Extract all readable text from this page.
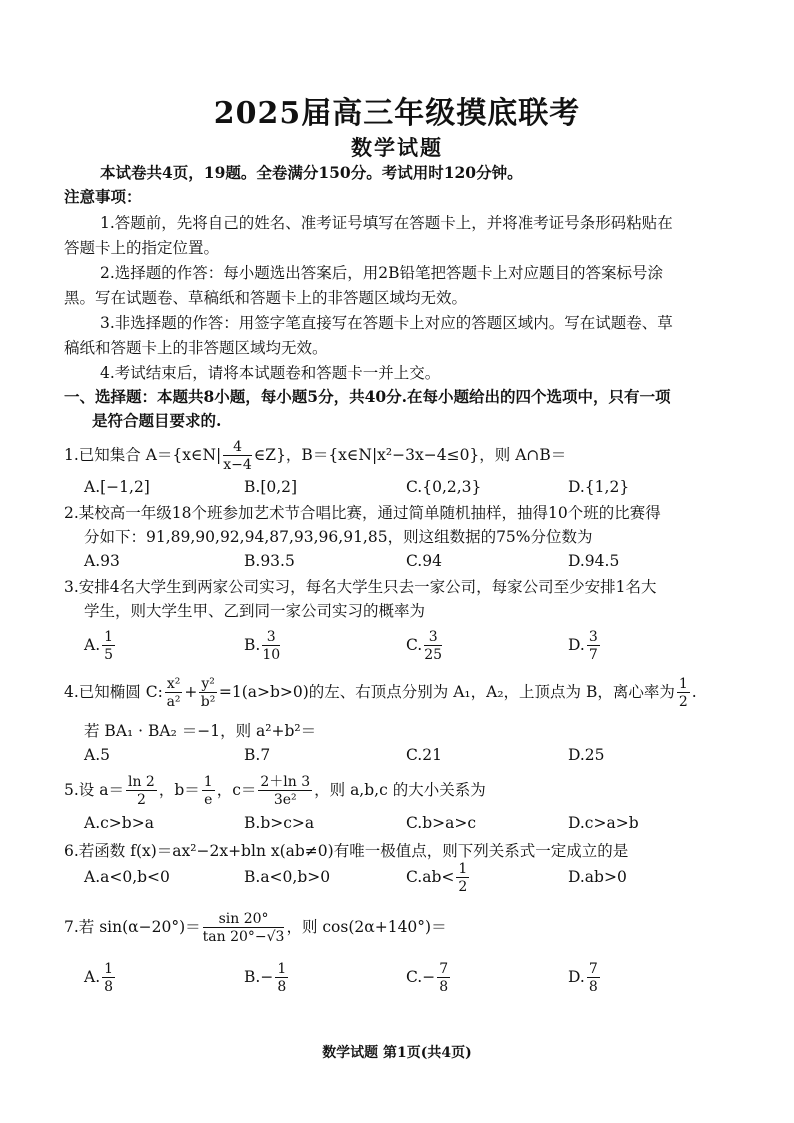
2025届高三年级摸底联考
数学试题
本试卷共4页，19题。全卷满分150分。考试用时120分钟。
注意事项：
1.答题前，先将自己的姓名、准考证号填写在答题卡上，并将准考证号条形码粘贴在
答题卡上的指定位置。
2.选择题的作答：每小题选出答案后，用2B铅笔把答题卡上对应题目的答案标号涂
黑。写在试题卷、草稿纸和答题卡上的非答题区域均无效。
3.非选择题的作答：用签字笔直接写在答题卡上对应的答题区域内。写在试题卷、草
稿纸和答题卡上的非答题区域均无效。
4.考试结束后，请将本试题卷和答题卡一并上交。
一、选择题：本题共8小题，每小题5分，共40分.在每小题给出的四个选项中，只有一项
是符合题目要求的.
1.已知集合 A＝{x∈N| $\frac{4}{x-4}$ ∈Z}，B＝{x∈N|x²−3x−4≤0}，则 A∩B＝
A.[−1,2]	B.[0,2]	C.{0,2,3}	D.{1,2}
2.某校高一年级18个班参加艺术节合唱比赛，通过简单随机抽样，抽得10个班的比赛得
分如下：91,89,90,92,94,87,93,96,91,85，则这组数据的75%分位数为
A.93	B.93.5	C.94	D.94.5
3.安排4名大学生到两家公司实习，每名大学生只去一家公司，每家公司至少安排1名大
学生，则大学生甲、乙到同一家公司实习的概率为
A. $\frac{1}{5}$	B. $\frac{3}{10}$	C. $\frac{3}{25}$	D. $\frac{3}{7}$
4.已知椭圆 C: $\frac{\text{x²}}{\text{a²}} + \frac{\text{y²}}{\text{b²}} =1(a>b>0)$的左、右顶点分别为 A₁，A₂，上顶点为 B，离心率为 $\frac{1}{2}$ .
若 BA₁ · BA₂ ＝−1，则 a²+b²＝
A.5	B.7	C.21	D.25
5.设 $a= \frac{\ln 2}{2}$ ，$b= \frac{1}{e}$ ，$c= \frac{2+\ln 3}{\text{3e²}}$ ，则 a,b,c 的大小关系为
A.c>b>a	B.b>c>a	C.b>a>c	D.c>a>b
6.若函数 f(x)＝ax²−2x+bln x(ab≠0)有唯一极值点，则下列关系式一定成立的是
A.a<0,b<0	B.a<0,b>0	$C.ab< \frac{1}{2}$	D.ab>0
7.若 $\sin(\alpha-20^\circ)= \frac{\sin 20^\circ}{\tan 20^\circ-√3}$ ，则 cos(2α+140°)＝
A. $\frac{1}{8}$	$B.- \frac{1}{8}$	$C.- \frac{7}{8}$	D. $\frac{7}{8}$
数学试题 第1页(共4页)
